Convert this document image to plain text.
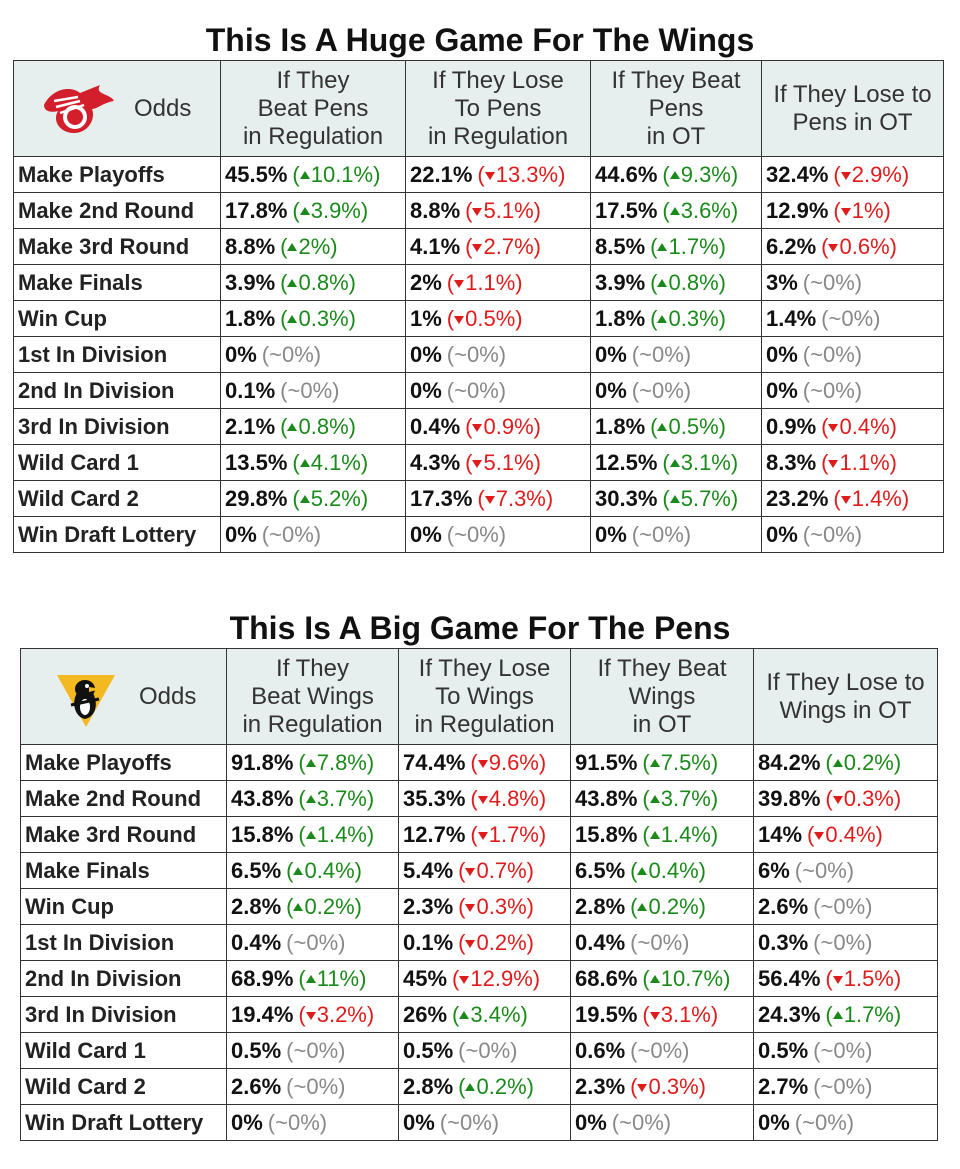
This Is A Huge Game For The Wings
Odds	If They
Beat Pens
in Regulation	If They Lose
To Pens
in Regulation	If They Beat
Pens
in OT	If They Lose to
Pens in OT

Make Playoffs	45.5% ( 10.1%)	22.1% ( 13.3%)	44.6% ( 9.3%)	32.4% ( 2.9%)
Make 2nd Round	17.8% ( 3.9%)	8.8% ( 5.1%)	17.5% ( 3.6%)	12.9% ( 1%)
Make 3rd Round	8.8% ( 2%)	4.1% ( 2.7%)	8.5% ( 1.7%)	6.2% ( 0.6%)
Make Finals	3.9% ( 0.8%)	2% ( 1.1%)	3.9% ( 0.8%)	3% (~0%)
Win Cup	1.8% ( 0.3%)	1% ( 0.5%)	1.8% ( 0.3%)	1.4% (~0%)
1st In Division	0% (~0%)	0% (~0%)	0% (~0%)	0% (~0%)
2nd In Division	0.1% (~0%)	0% (~0%)	0% (~0%)	0% (~0%)
3rd In Division	2.1% ( 0.8%)	0.4% ( 0.9%)	1.8% ( 0.5%)	0.9% ( 0.4%)
Wild Card 1	13.5% ( 4.1%)	4.3% ( 5.1%)	12.5% ( 3.1%)	8.3% ( 1.1%)
Wild Card 2	29.8% ( 5.2%)	17.3% ( 7.3%)	30.3% ( 5.7%)	23.2% ( 1.4%)
Win Draft Lottery	0% (~0%)	0% (~0%)	0% (~0%)	0% (~0%)
This Is A Big Game For The Pens
Odds	If They
Beat Wings
in Regulation	If They Lose
To Wings
in Regulation	If They Beat
Wings
in OT	If They Lose to
Wings in OT

Make Playoffs	91.8% ( 7.8%)	74.4% ( 9.6%)	91.5% ( 7.5%)	84.2% ( 0.2%)
Make 2nd Round	43.8% ( 3.7%)	35.3% ( 4.8%)	43.8% ( 3.7%)	39.8% ( 0.3%)
Make 3rd Round	15.8% ( 1.4%)	12.7% ( 1.7%)	15.8% ( 1.4%)	14% ( 0.4%)
Make Finals	6.5% ( 0.4%)	5.4% ( 0.7%)	6.5% ( 0.4%)	6% (~0%)
Win Cup	2.8% ( 0.2%)	2.3% ( 0.3%)	2.8% ( 0.2%)	2.6% (~0%)
1st In Division	0.4% (~0%)	0.1% ( 0.2%)	0.4% (~0%)	0.3% (~0%)
2nd In Division	68.9% ( 11%)	45% ( 12.9%)	68.6% ( 10.7%)	56.4% ( 1.5%)
3rd In Division	19.4% ( 3.2%)	26% ( 3.4%)	19.5% ( 3.1%)	24.3% ( 1.7%)
Wild Card 1	0.5% (~0%)	0.5% (~0%)	0.6% (~0%)	0.5% (~0%)
Wild Card 2	2.6% (~0%)	2.8% ( 0.2%)	2.3% ( 0.3%)	2.7% (~0%)
Win Draft Lottery	0% (~0%)	0% (~0%)	0% (~0%)	0% (~0%)
